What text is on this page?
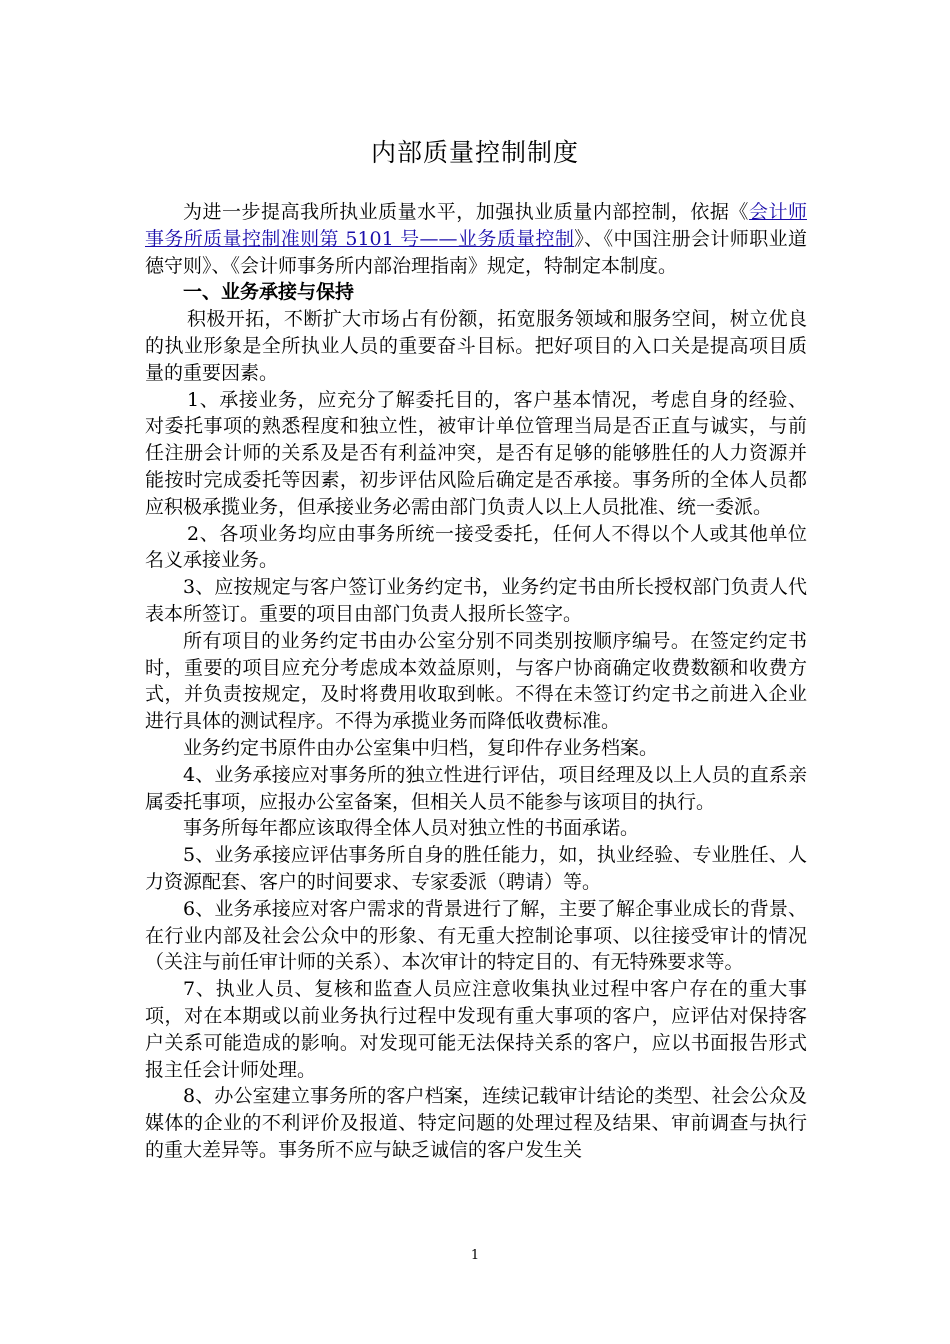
内部质量控制制度

为进一步提高我所执业质量水平，加强执业质量内部控制，依据《会计师事务所质量控制准则第 5101 号——业务质量控制》、《中国注册会计师职业道德守则》、《会计师事务所内部治理指南》规定，特制定本制度。

一、业务承接与保持

积极开拓，不断扩大市场占有份额，拓宽服务领域和服务空间，树立优良的执业形象是全所执业人员的重要奋斗目标。把好项目的入口关是提高项目质量的重要因素。

1、承接业务，应充分了解委托目的，客户基本情况，考虑自身的经验、对委托事项的熟悉程度和独立性，被审计单位管理当局是否正直与诚实，与前任注册会计师的关系及是否有利益冲突，是否有足够的能够胜任的人力资源并能按时完成委托等因素，初步评估风险后确定是否承接。事务所的全体人员都应积极承揽业务，但承接业务必需由部门负责人以上人员批准、统一委派。

2、各项业务均应由事务所统一接受委托，任何人不得以个人或其他单位名义承接业务。

3、应按规定与客户签订业务约定书，业务约定书由所长授权部门负责人代表本所签订。重要的项目由部门负责人报所长签字。

所有项目的业务约定书由办公室分别不同类别按顺序编号。在签定约定书时，重要的项目应充分考虑成本效益原则，与客户协商确定收费数额和收费方式，并负责按规定，及时将费用收取到帐。不得在未签订约定书之前进入企业进行具体的测试程序。不得为承揽业务而降低收费标准。

业务约定书原件由办公室集中归档，复印件存业务档案。

4、业务承接应对事务所的独立性进行评估，项目经理及以上人员的直系亲属委托事项，应报办公室备案，但相关人员不能参与该项目的执行。

事务所每年都应该取得全体人员对独立性的书面承诺。

5、业务承接应评估事务所自身的胜任能力，如，执业经验、专业胜任、人力资源配套、客户的时间要求、专家委派（聘请）等。

6、业务承接应对客户需求的背景进行了解，主要了解企事业成长的背景、在行业内部及社会公众中的形象、有无重大控制论事项、以往接受审计的情况（关注与前任审计师的关系）、本次审计的特定目的、有无特殊要求等。

7、执业人员、复核和监查人员应注意收集执业过程中客户存在的重大事项，对在本期或以前业务执行过程中发现有重大事项的客户，应评估对保持客户关系可能造成的影响。对发现可能无法保持关系的客户，应以书面报告形式报主任会计师处理。

8、办公室建立事务所的客户档案，连续记载审计结论的类型、社会公众及媒体的企业的不利评价及报道、特定问题的处理过程及结果、审前调查与执行的重大差异等。事务所不应与缺乏诚信的客户发生关

1
